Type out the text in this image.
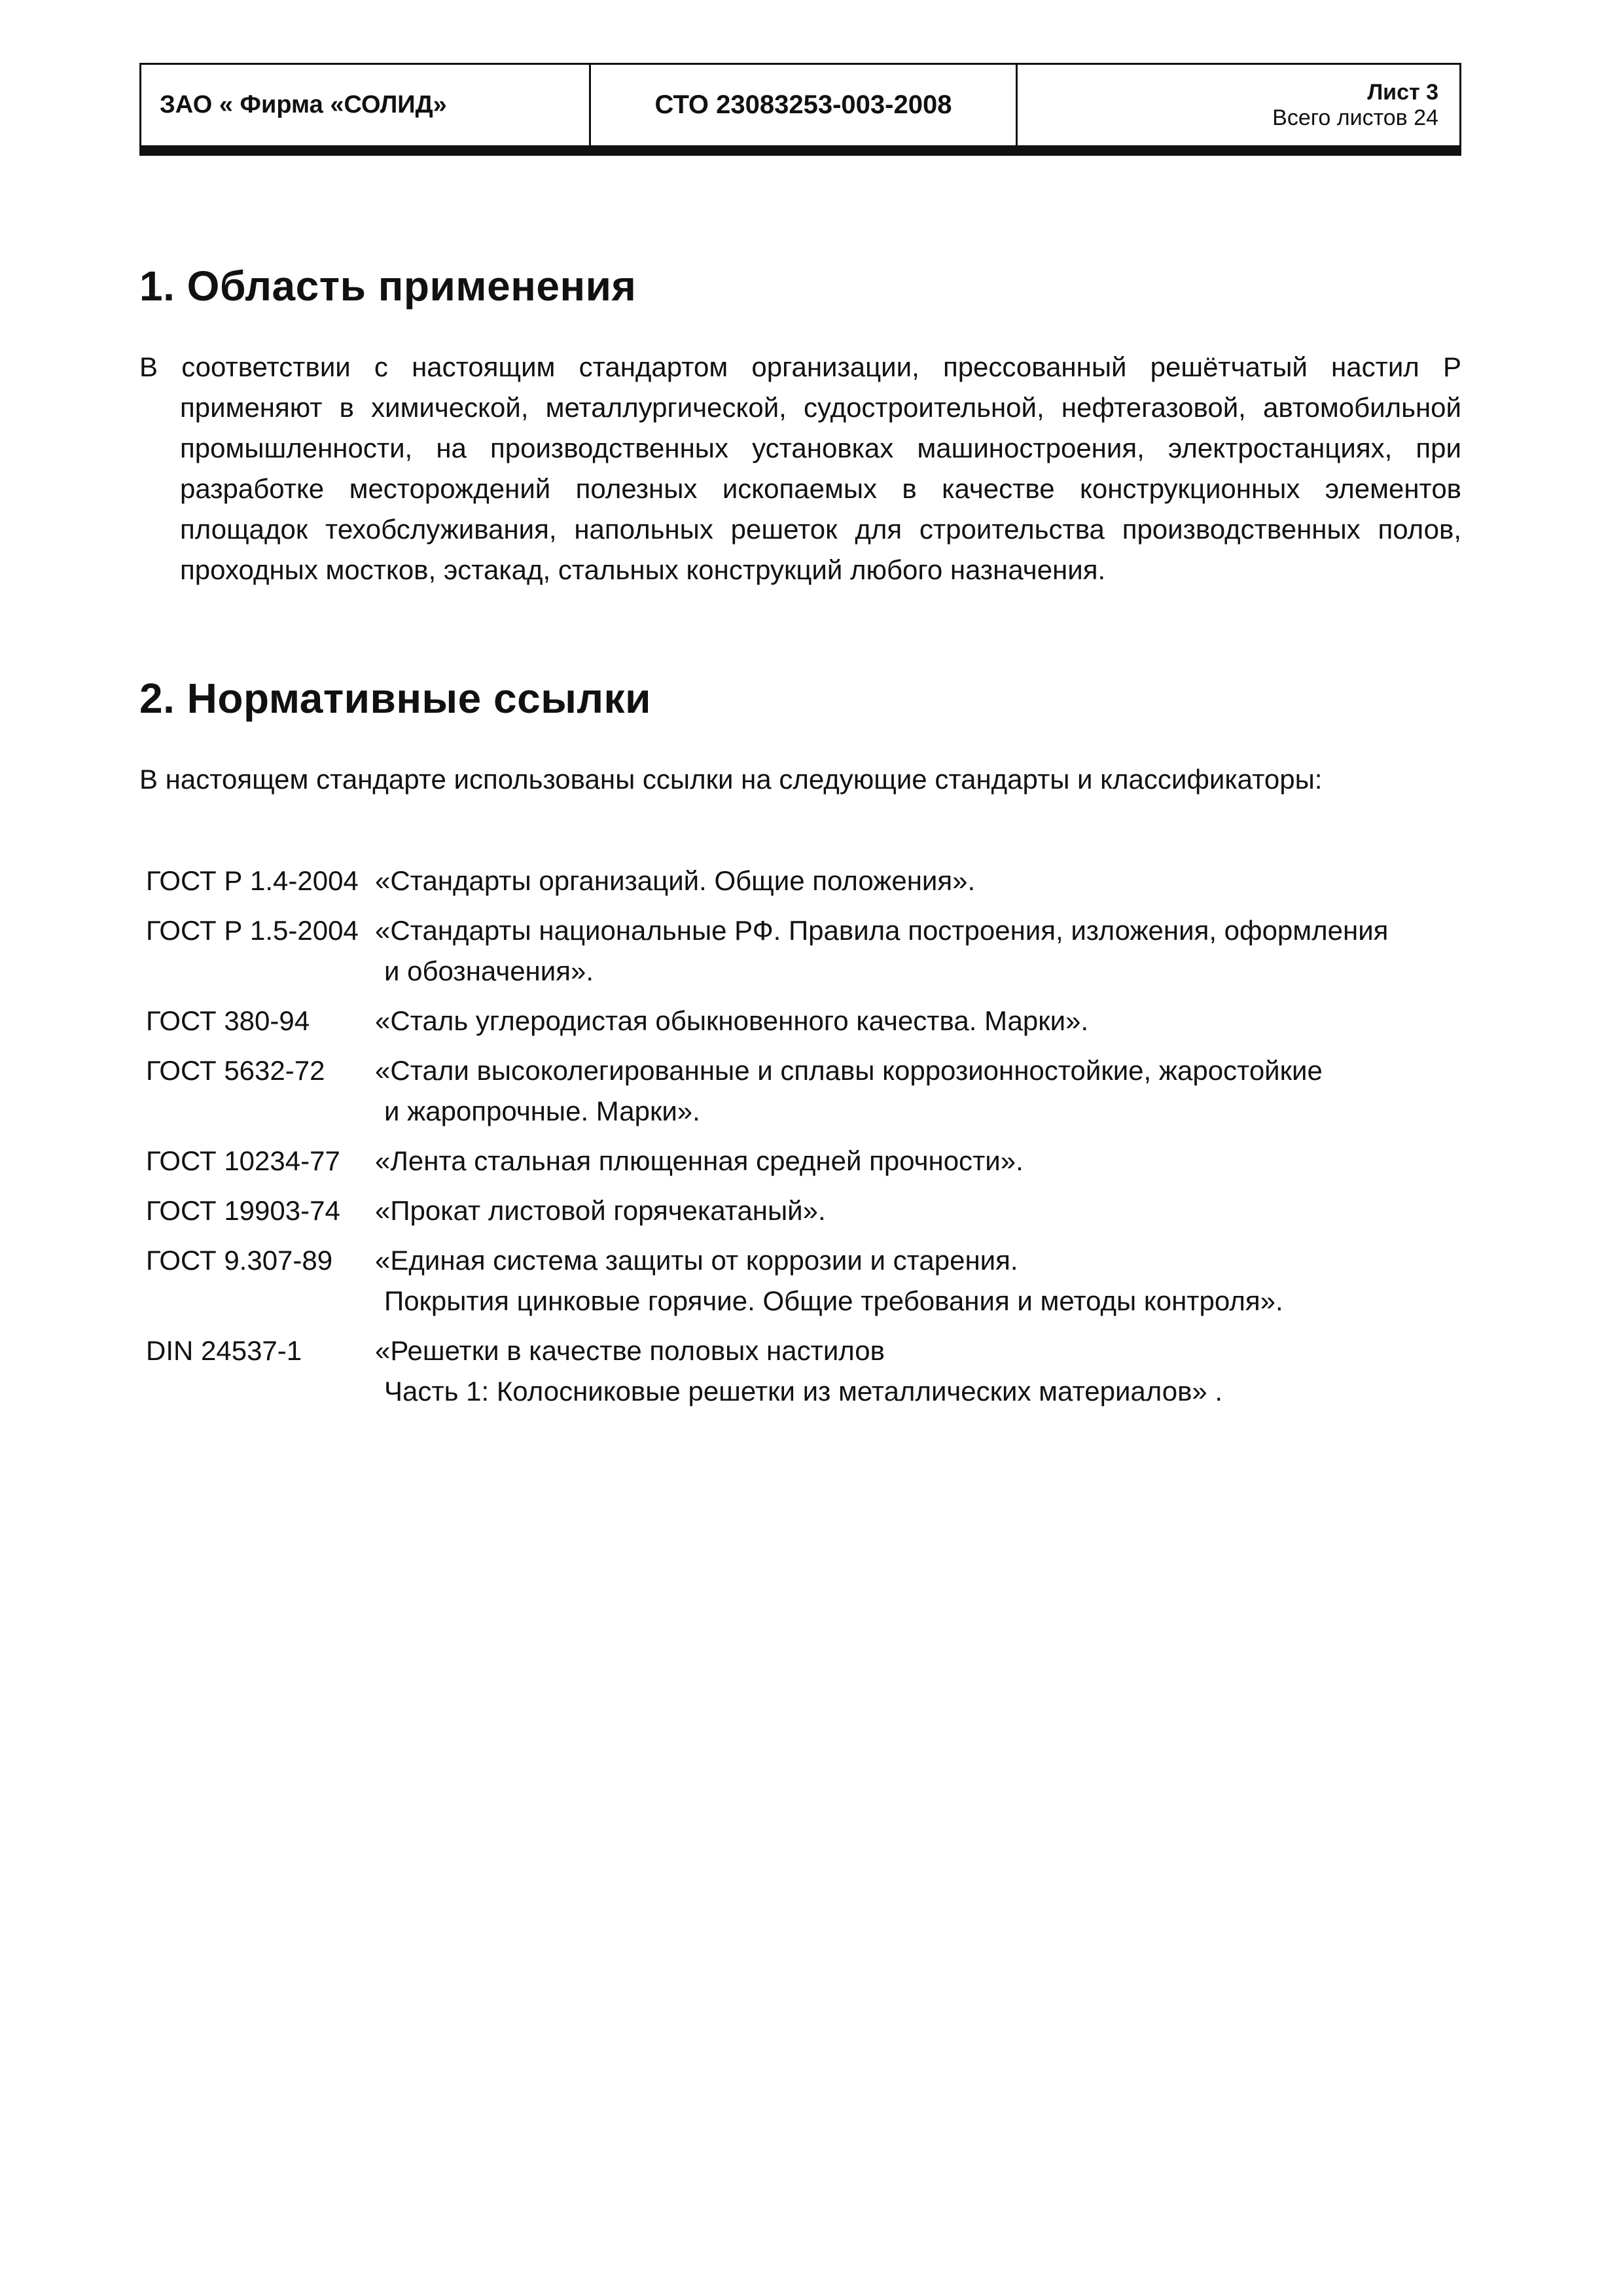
ЗАО « Фирма «СОЛИД»	СТО 23083253-003-2008	Лист 3
Всего листов 24
1. Область применения

В соответствии с настоящим стандартом организации, прессованный решётчатый настил Р применяют в химической, металлургической, судостроительной, нефтегазовой, автомобильной промышленности, на производственных установках машиностроения, электростанциях, при разработке месторождений полезных ископаемых в качестве конструкционных элементов площадок техобслуживания, напольных решеток для строительства производственных полов, проходных мостков, эстакад, стальных конструкций любого назначения.

2. Нормативные ссылки

В настоящем стандарте использованы ссылки на следующие стандарты и классификаторы:

ГОСТ Р 1.4-2004 «Стандарты организаций. Общие положения».
ГОСТ Р 1.5-2004 «Стандарты национальные РФ. Правила построения, изложения, оформления
и обозначения».
ГОСТ 380-94	«Сталь углеродистая обыкновенного качества. Марки».
ГОСТ 5632-72	«Стали высоколегированные и сплавы коррозионностойкие, жаростойкие
и жаропрочные. Марки».
ГОСТ 10234-77	«Лента стальная плющенная средней прочности».
ГОСТ 19903-74	«Прокат листовой горячекатаный».
ГОСТ 9.307-89	«Единая система защиты от коррозии и старения.
Покрытия цинковые горячие. Общие требования и методы контроля».
DIN 24537-1	«Решетки в качестве половых настилов
Часть 1: Колосниковые решетки из металлических материалов» .
